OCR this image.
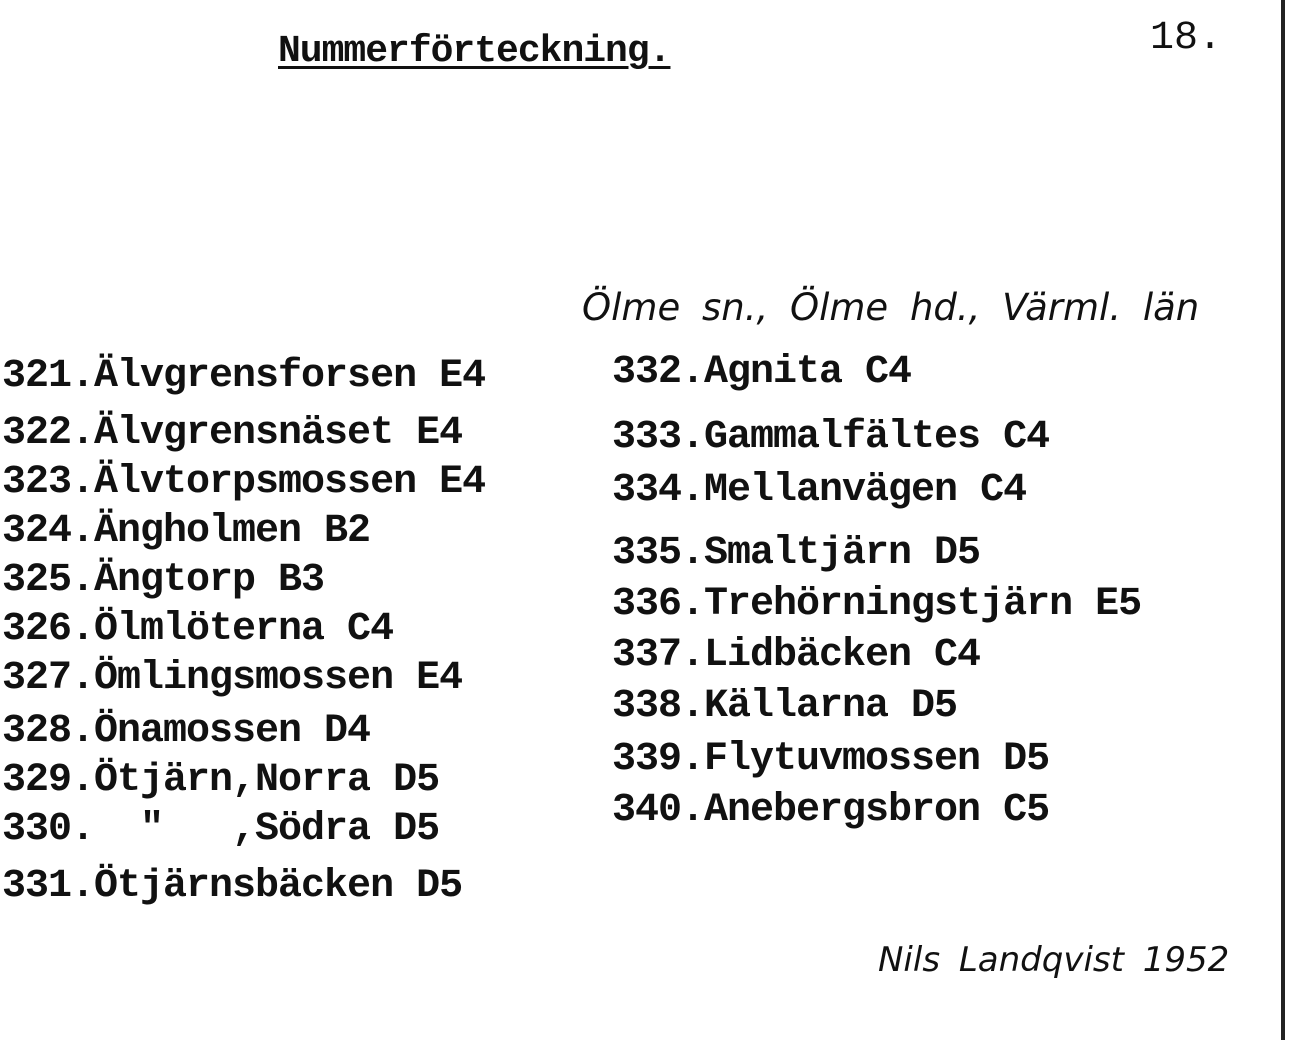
Nummerförteckning.	18.
Ölme sn., Ölme hd., Värml. län
321.Älvgrensforsen E4
322.Älvgrensnäset E4
323.Älvtorpsmossen E4
324.Ängholmen B2
325.Ängtorp B3
326.Ölmlöterna C4
327.Ömlingsmossen E4
328.Önamossen D4
329.Ötjärn,Norra D5
330.  "   ,Södra D5
331.Ötjärnsbäcken D5
332.Agnita C4
333.Gammalfältes C4
334.Mellanvägen C4
335.Smaltjärn D5
336.Trehörningstjärn E5
337.Lidbäcken C4
338.Källarna D5
339.Flytuvmossen D5
340.Anebergsbron C5
Nils Landqvist 1952
